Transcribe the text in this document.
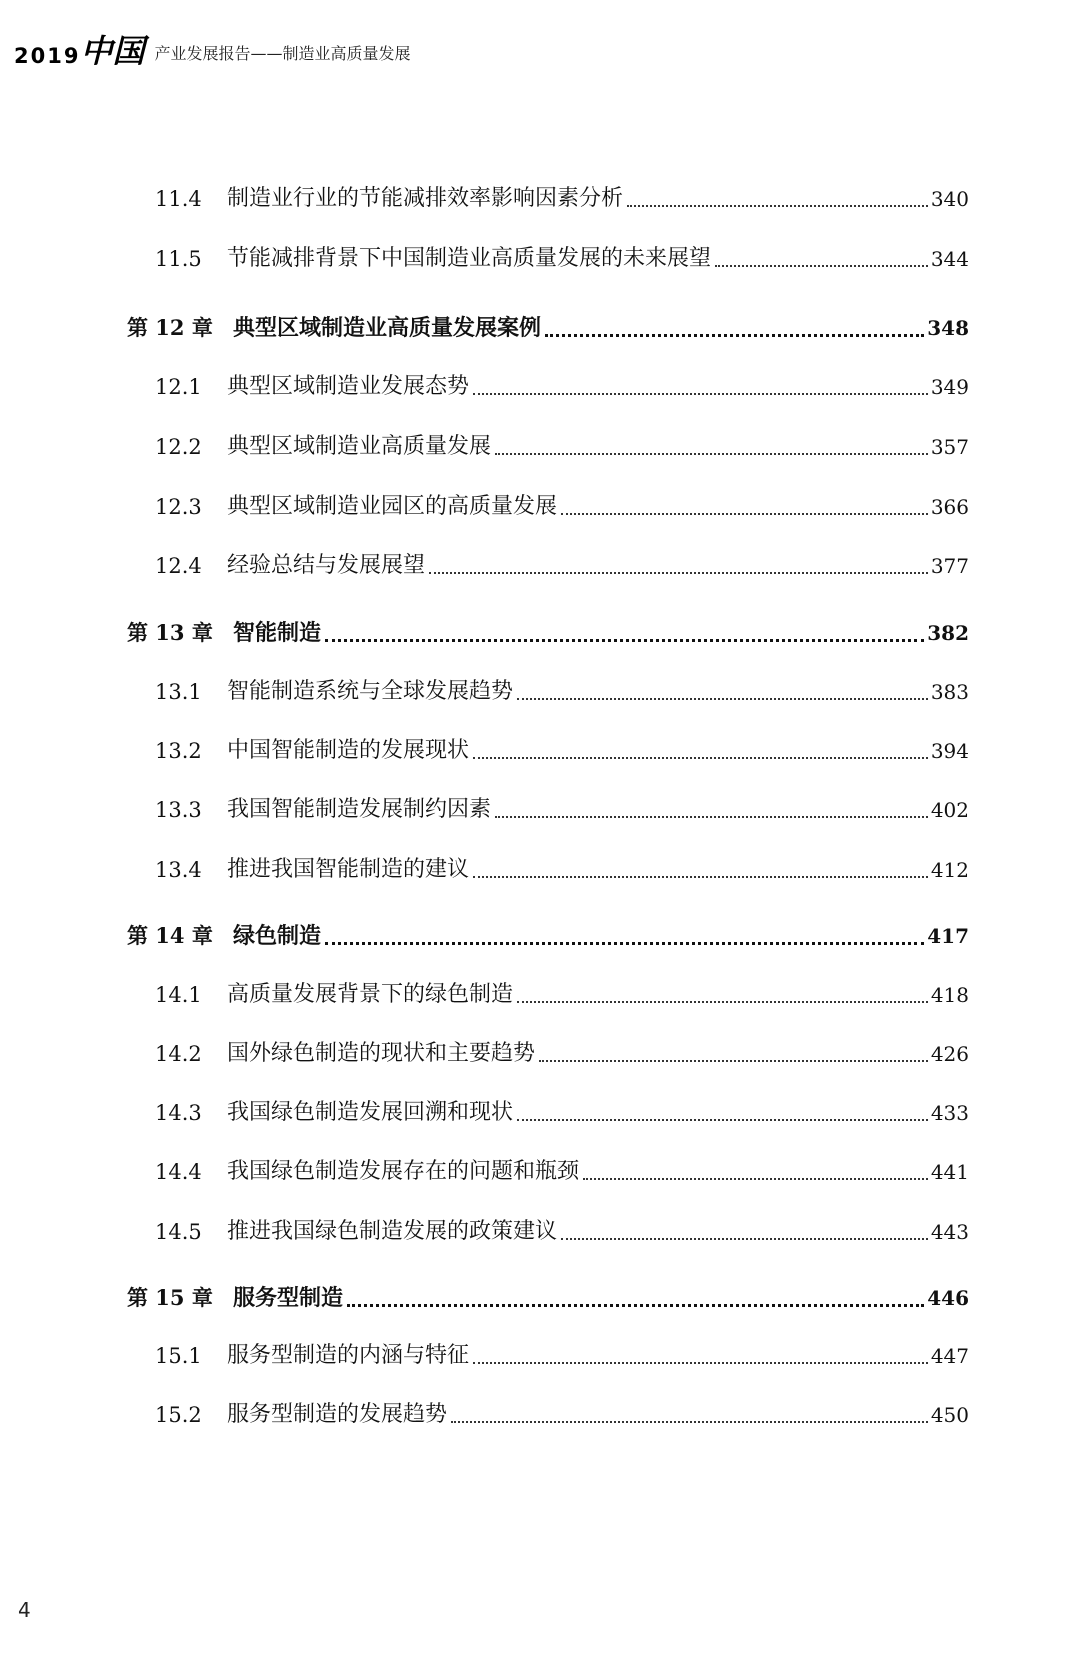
2019 中国 产业发展报告——制造业高质量发展
11.4	制造业行业的节能减排效率影响因素分析	340
11.5	节能减排背景下中国制造业高质量发展的未来展望	344
第 12 章 典型区域制造业高质量发展案例	348
12.1	典型区域制造业发展态势	349
12.2	典型区域制造业高质量发展	357
12.3	典型区域制造业园区的高质量发展	366
12.4	经验总结与发展展望	377
第 13 章 智能制造	382
13.1	智能制造系统与全球发展趋势	383
13.2	中国智能制造的发展现状	394
13.3	我国智能制造发展制约因素	402
13.4	推进我国智能制造的建议	412
第 14 章 绿色制造	417
14.1	高质量发展背景下的绿色制造	418
14.2	国外绿色制造的现状和主要趋势	426
14.3	我国绿色制造发展回溯和现状	433
14.4	我国绿色制造发展存在的问题和瓶颈	441
14.5	推进我国绿色制造发展的政策建议	443
第 15 章 服务型制造	446
15.1	服务型制造的内涵与特征	447
15.2	服务型制造的发展趋势	450
4
